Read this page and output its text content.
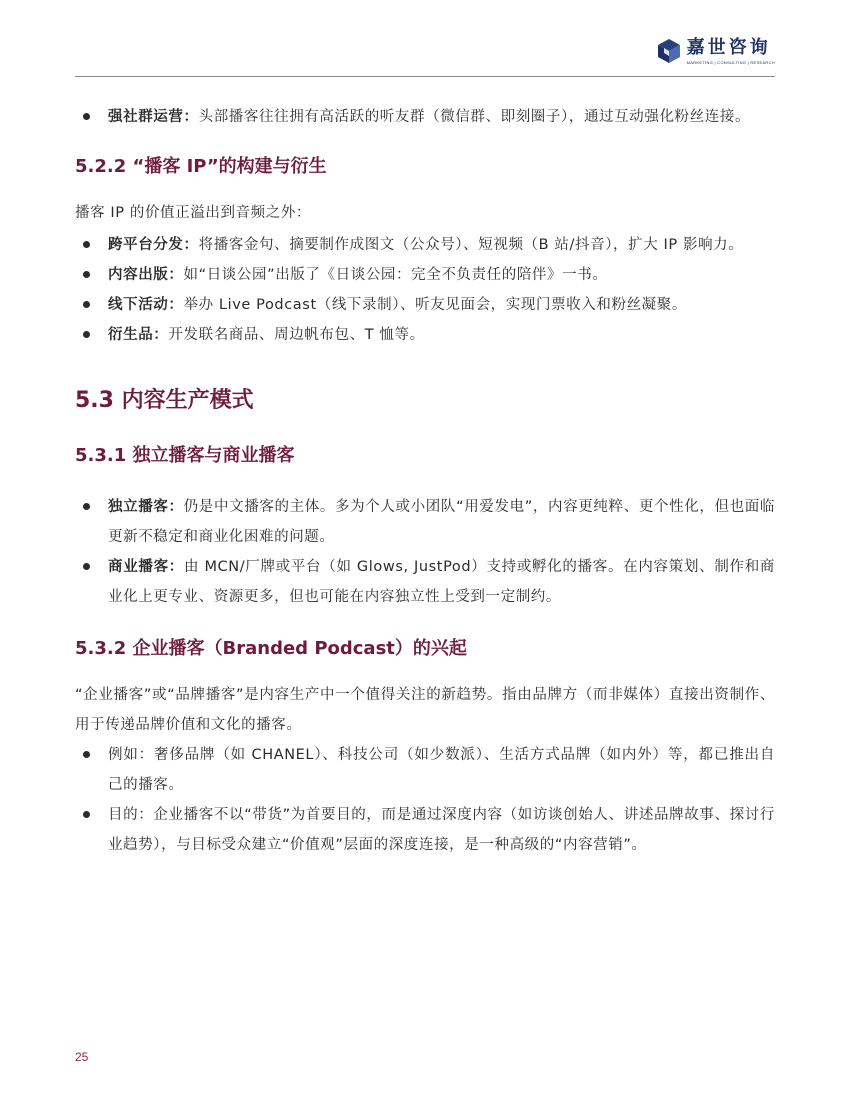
嘉世咨询
MARKETING | CONSULTING | RESEARCH
强社群运营：头部播客往往拥有高活跃的听友群（微信群、即刻圈子），通过互动强化粉丝连接。
5.2.2 “播客 IP”的构建与衍生
播客 IP 的价值正溢出到音频之外：
跨平台分发：将播客金句、摘要制作成图文（公众号）、短视频（B 站/抖音），扩大 IP 影响力。
内容出版：如“日谈公园”出版了《日谈公园：完全不负责任的陪伴》一书。
线下活动：举办 Live Podcast（线下录制）、听友见面会，实现门票收入和粉丝凝聚。
衍生品：开发联名商品、周边帆布包、T 恤等。
5.3 内容生产模式
5.3.1 独立播客与商业播客
独立播客：仍是中文播客的主体。多为个人或小团队“用爱发电”，内容更纯粹、更个性化，但也面临更新不稳定和商业化困难的问题。
商业播客：由 MCN/厂牌或平台（如 Glows, JustPod）支持或孵化的播客。在内容策划、制作和商业化上更专业、资源更多，但也可能在内容独立性上受到一定制约。
5.3.2 企业播客（Branded Podcast）的兴起
“企业播客”或“品牌播客”是内容生产中一个值得关注的新趋势。指由品牌方（而非媒体）直接出资制作、用于传递品牌价值和文化的播客。
例如：奢侈品牌（如 CHANEL）、科技公司（如少数派）、生活方式品牌（如内外）等，都已推出自己的播客。
目的：企业播客不以“带货”为首要目的，而是通过深度内容（如访谈创始人、讲述品牌故事、探讨行业趋势），与目标受众建立“价值观”层面的深度连接，是一种高级的“内容营销”。
25
